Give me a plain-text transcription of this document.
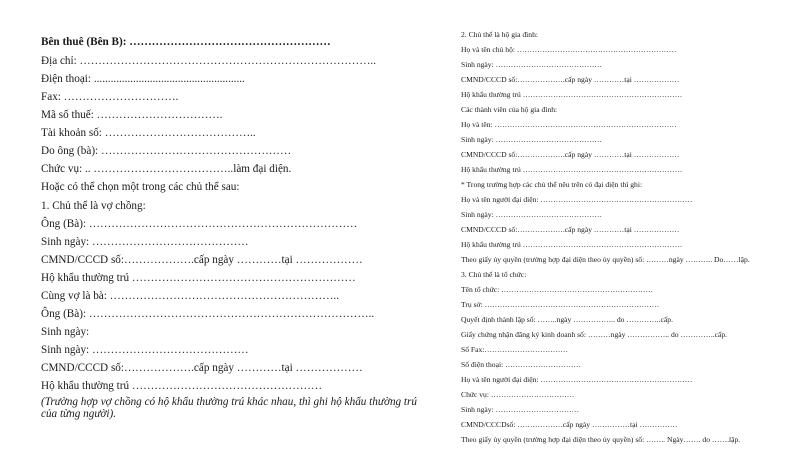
Bên thuê (Bên B): ………………………………………………
Địa chỉ: ……………………………………………………………………..
Điện thoại: ......................................................
Fax: ………………………….
Mã số thuế: …………………………….
Tài khoản số: …………………………………..
Do ông (bà): ……………………………………………
Chức vụ: .. ………………………………..làm đại diện.
Hoặc có thể chọn một trong các chủ thể sau:
1. Chủ thể là vợ chồng:
Ông (Bà): ………………………………………………………………
Sinh ngày: ……………………………………
CMND/CCCD số:……………….cấp ngày …………tại ………………
Hộ khẩu thường trú ……………………………………………………
Cùng vợ là bà: ……………………………………………………..
Ông (Bà): …………………………………………………………………..
Sinh ngày:
Sinh ngày: ……………………………………
CMND/CCCD số:……………….cấp ngày …………tại ………………
Hộ khẩu thường trú ……………………………………………
(Trường hợp vợ chồng có hộ khẩu thường trú khác nhau, thì ghi hộ khẩu thường trú của từng người).
2. Chủ thể là hộ gia đình:
Họ và tên chủ hộ: ………………………………………………………
Sinh ngày: ……………………………………
CMND/CCCD số:……………….cấp ngày …………tại ………………
Hộ khẩu thường trú ………………………………………………………
Các thành viên của hộ gia đình:
Họ và tên: ………………………………………………………………
Sinh ngày: ……………………………………
CMND/CCCD số:……………….cấp ngày …………tại ………………
Hộ khẩu thường trú ………………………………………………………
* Trong trường hợp các chủ thể nêu trên có đại diện thì ghi:
Họ và tên người đại diện: ……………………………………………………
Sinh ngày: ……………………………………
CMND/CCCD số:……………….cấp ngày …………tại ………………
Hộ khẩu thường trú ………………………………………………………
Theo giấy ủy quyền (trường hợp đại diện theo ủy quyền) số: ………ngày ……….. Do……lập.
3. Chủ thể là tổ chức:
Tên tổ chức: ……………………………………………………
Trụ sở: ……………………………………………………………
Quyết định thành lập số: ……..ngày …………….. do …………..cấp.
Giấy chứng nhận đăng ký kinh doanh số: ………ngày …………….. do …………..cấp.
Số Fax:……………………………
Số điện thoại: …………………………
Họ và tên người đại diện: ……………………………………………………
Chức vụ: ……………………………
Sinh ngày: ……………………………
CMND/CCCDsố: ………………cấp ngày ……………tại ……………
Theo giấy ủy quyền (trường hợp đại diện theo ủy quyền) số: …….. Ngày……. do …….lập.
